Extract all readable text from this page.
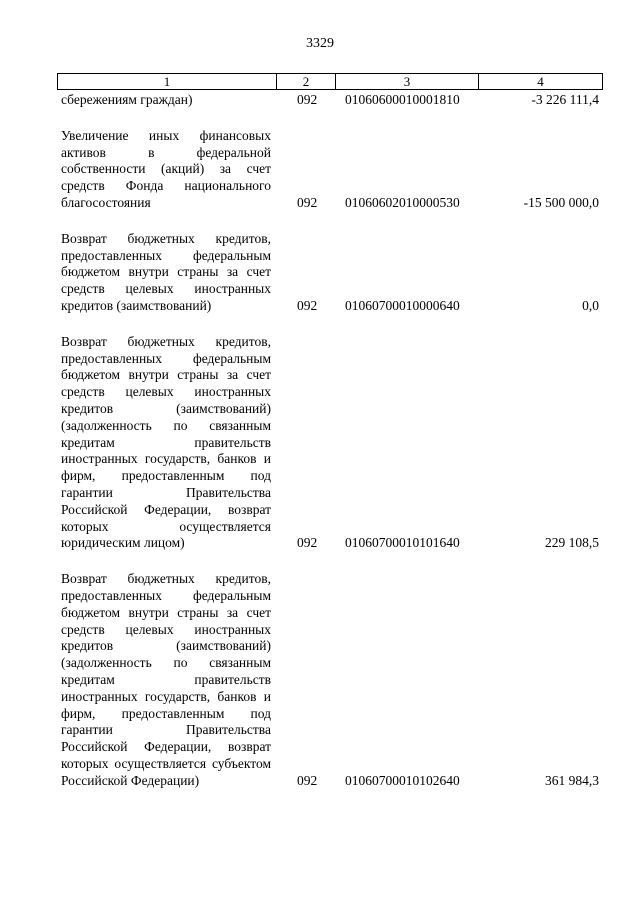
3329
1	2	3	4
сбережениям граждан)	092 01060600010001810	-3 226 111,4
Увеличение иных финансовых активов в федеральной собственности (акций) за счет средств Фонда национального благосостояния	092 01060602010000530	-15 500 000,0
Возврат бюджетных кредитов, предоставленных федеральным бюджетом внутри страны за счет средств целевых иностранных кредитов (заимствований)	092 01060700010000640	0,0
Возврат бюджетных кредитов, предоставленных федеральным бюджетом внутри страны за счет средств целевых иностранных кредитов (заимствований) (задолженность по связанным кредитам правительств иностранных государств, банков и фирм, предоставленным под гарантии Правительства Российской Федерации, возврат которых осуществляется юридическим лицом)	092 01060700010101640	229 108,5
Возврат бюджетных кредитов, предоставленных федеральным бюджетом внутри страны за счет средств целевых иностранных кредитов (заимствований) (задолженность по связанным кредитам правительств иностранных государств, банков и фирм, предоставленным под гарантии Правительства Российской Федерации, возврат которых осуществляется субъектом Российской Федерации)	092 01060700010102640	361 984,3
